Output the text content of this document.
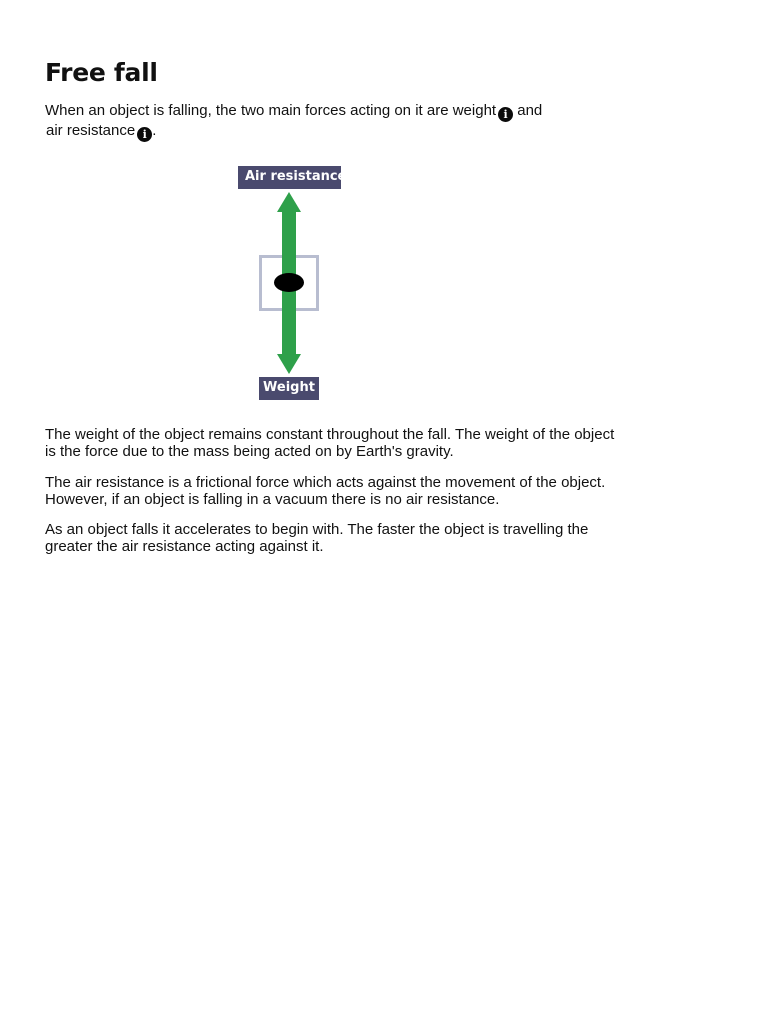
Free fall
When an object is falling, the two main forces acting on it are weight i and
air resistance i .
Air resistance
Weight

The weight of the object remains constant throughout the fall. The weight of the object is the force due to the mass being acted on by Earth's gravity.

The air resistance is a frictional force which acts against the movement of the object. However, if an object is falling in a vacuum there is no air resistance.

As an object falls it accelerates to begin with. The faster the object is travelling the greater the air resistance acting against it.
